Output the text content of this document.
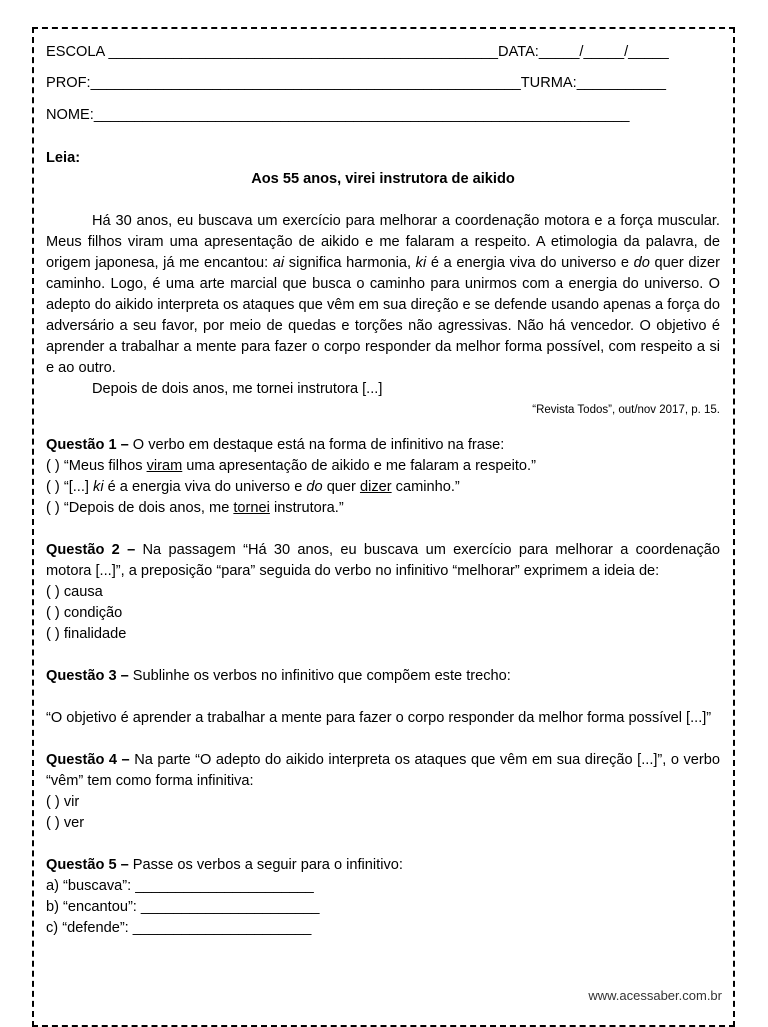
ESCOLA ________________________________________________DATA:_____/_____/_____
PROF:_____________________________________________________TURMA:___________
NOME:__________________________________________________________________

Leia:

Aos 55 anos, virei instrutora de aikido

Há 30 anos, eu buscava um exercício para melhorar a coordenação motora e a força muscular. Meus filhos viram uma apresentação de aikido e me falaram a respeito. A etimologia da palavra, de origem japonesa, já me encantou: ai significa harmonia, ki é a energia viva do universo e do quer dizer caminho. Logo, é uma arte marcial que busca o caminho para unirmos com a energia do universo. O adepto do aikido interpreta os ataques que vêm em sua direção e se defende usando apenas a força do adversário a seu favor, por meio de quedas e torções não agressivas. Não há vencedor. O objetivo é aprender a trabalhar a mente para fazer o corpo responder da melhor forma possível, com respeito a si e ao outro.

Depois de dois anos, me tornei instrutora [...]

“Revista Todos”, out/nov 2017, p. 15.

Questão 1 – O verbo em destaque está na forma de infinitivo na frase:

( ) “Meus filhos viram uma apresentação de aikido e me falaram a respeito.”

( ) “[...] ki é a energia viva do universo e do quer dizer caminho.”

( ) “Depois de dois anos, me tornei instrutora.”

Questão 2 – Na passagem “Há 30 anos, eu buscava um exercício para melhorar a coordenação motora [...]”, a preposição “para” seguida do verbo no infinitivo “melhorar” exprimem a ideia de:

( ) causa

( ) condição

( ) finalidade

Questão 3 – Sublinhe os verbos no infinitivo que compõem este trecho:

“O objetivo é aprender a trabalhar a mente para fazer o corpo responder da melhor forma possível [...]”

Questão 4 – Na parte “O adepto do aikido interpreta os ataques que vêm em sua direção [...]”, o verbo “vêm” tem como forma infinitiva:

( ) vir

( ) ver

Questão 5 – Passe os verbos a seguir para o infinitivo:

a) “buscava”: ______________________

b) “encantou”: ______________________

c) “defende”: ______________________

www.acessaber.com.br
